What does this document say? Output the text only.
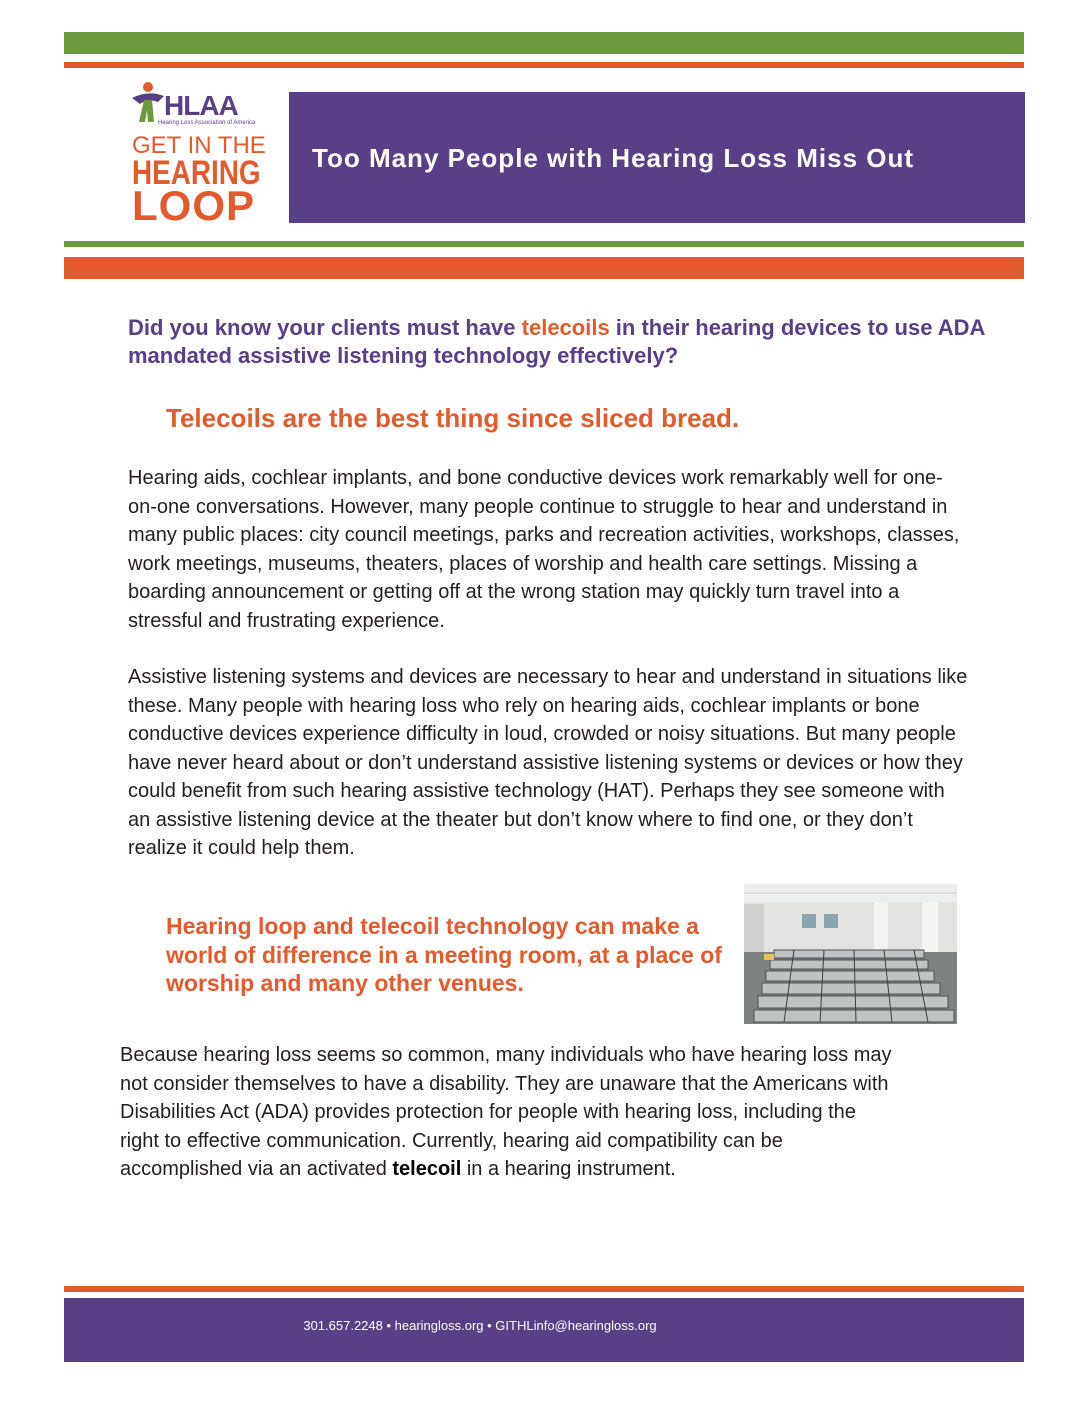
HLAA
Hearing Loss Association of America
GET IN THE
HEARING
LOOP
Too Many People with Hearing Loss Miss Out
Did you know your clients must have telecoils in their hearing devices to use ADA mandated assistive listening technology effectively?
Telecoils are the best thing since sliced bread.
Hearing aids, cochlear implants, and bone conductive devices work remarkably well for one-on-one conversations. However, many people continue to struggle to hear and understand in many public places: city council meetings, parks and recreation activities, workshops, classes, work meetings, museums, theaters, places of worship and health care settings. Missing a boarding announcement or getting off at the wrong station may quickly turn travel into a stressful and frustrating experience.
Assistive listening systems and devices are necessary to hear and understand in situations like these. Many people with hearing loss who rely on hearing aids, cochlear implants or bone conductive devices experience difficulty in loud, crowded or noisy situations. But many people have never heard about or don’t understand assistive listening systems or devices or how they could benefit from such hearing assistive technology (HAT). Perhaps they see someone with an assistive listening device at the theater but don’t know where to find one, or they don’t realize it could help them.
Hearing loop and telecoil technology can make a world of difference in a meeting room, at a place of worship and many other venues.
Because hearing loss seems so common, many individuals who have hearing loss may not consider themselves to have a disability. They are unaware that the Americans with Disabilities Act (ADA) provides protection for people with hearing loss, including the right to effective communication. Currently, hearing aid compatibility can be accomplished via an activated telecoil in a hearing instrument.
301.657.2248 • hearingloss.org • GITHLinfo@hearingloss.org
